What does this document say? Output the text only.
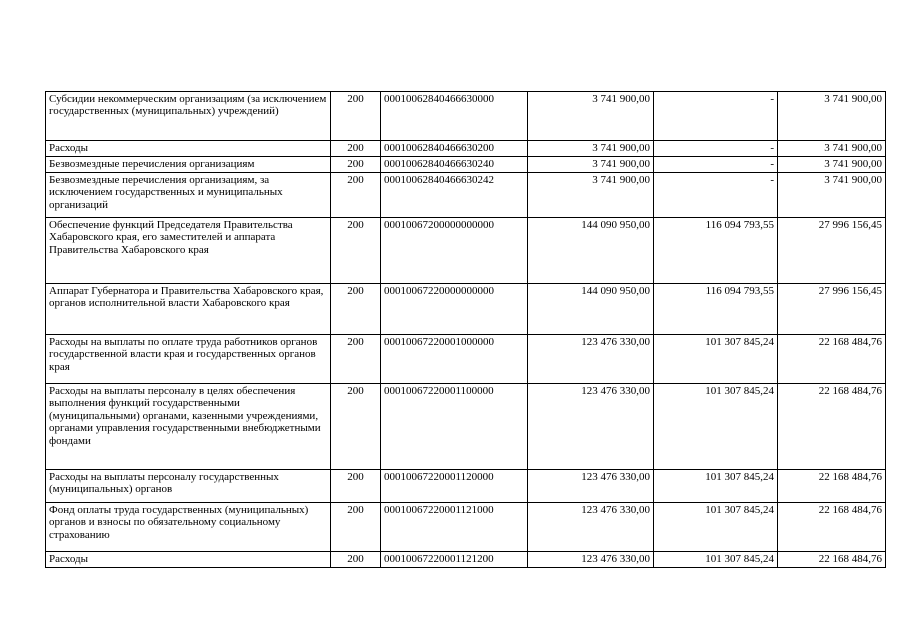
Субсидии некоммерческим организациям (за исключением государственных (муниципальных) учреждений)	200	00010062840466630000	3 741 900,00	-	3 741 900,00
Расходы	200	00010062840466630200	3 741 900,00	-	3 741 900,00
Безвозмездные перечисления организациям	200	00010062840466630240	3 741 900,00	-	3 741 900,00
Безвозмездные перечисления организациям, за исключением государственных и муниципальных организаций	200	00010062840466630242	3 741 900,00	-	3 741 900,00
Обеспечение функций Председателя Правительства Хабаровского края, его заместителей и аппарата Правительства Хабаровского края	200	00010067200000000000	144 090 950,00	116 094 793,55	27 996 156,45
Аппарат Губернатора и Правительства Хабаровского края, органов исполнительной власти Хабаровского края	200	00010067220000000000	144 090 950,00	116 094 793,55	27 996 156,45
Расходы на выплаты по оплате труда работников органов государственной власти края и государственных органов края	200	00010067220001000000	123 476 330,00	101 307 845,24	22 168 484,76
Расходы на выплаты персоналу в целях обеспечения выполнения функций государственными (муниципальными) органами, казенными учреждениями, органами управления государственными внебюджетными фондами	200	00010067220001100000	123 476 330,00	101 307 845,24	22 168 484,76
Расходы на выплаты персоналу государственных (муниципальных) органов	200	00010067220001120000	123 476 330,00	101 307 845,24	22 168 484,76
Фонд оплаты труда государственных (муниципальных) органов и взносы по обязательному социальному страхованию	200	00010067220001121000	123 476 330,00	101 307 845,24	22 168 484,76
Расходы	200	00010067220001121200	123 476 330,00	101 307 845,24	22 168 484,76
